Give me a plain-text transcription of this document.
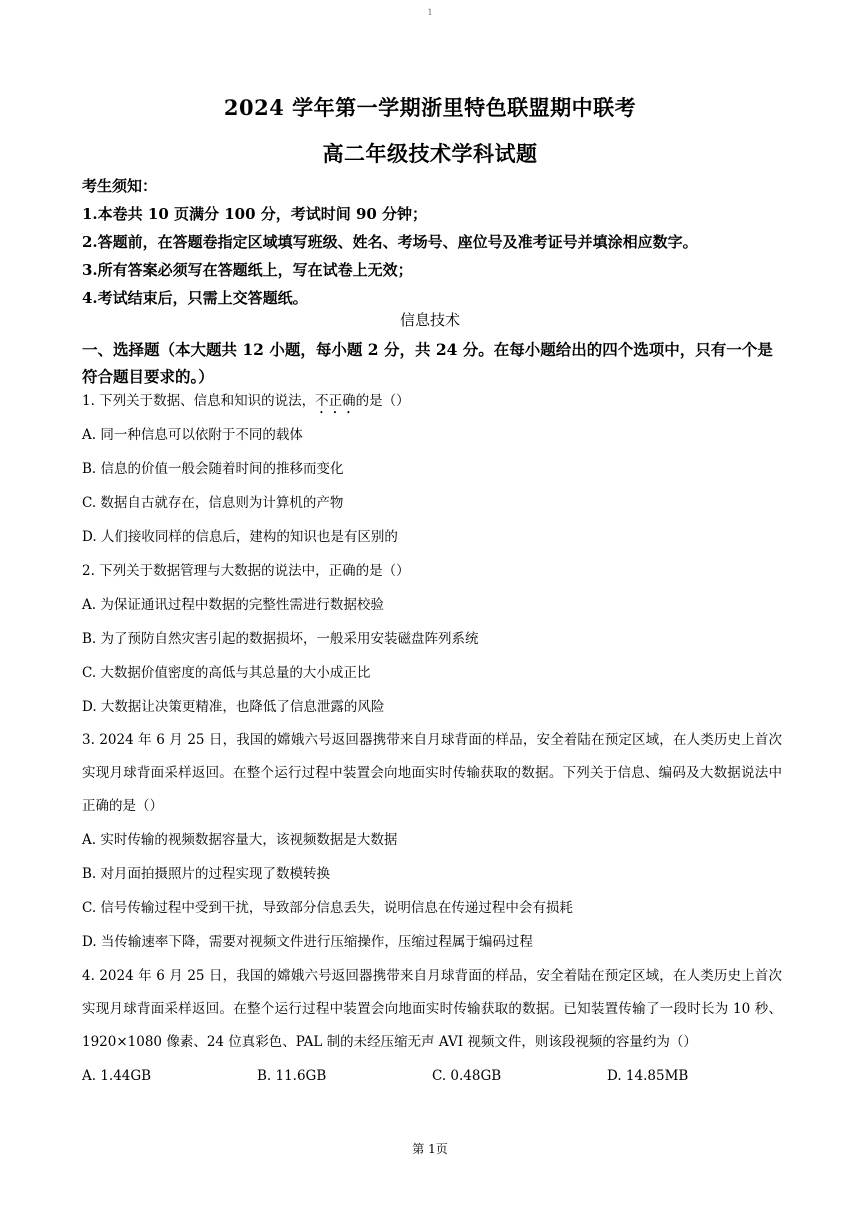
1
2024 学年第一学期浙里特色联盟期中联考
高二年级技术学科试题
考生须知：
1.本卷共 10 页满分 100 分，考试时间 90 分钟；
2.答题前，在答题卷指定区域填写班级、姓名、考场号、座位号及准考证号并填涂相应数字。
3.所有答案必须写在答题纸上，写在试卷上无效；
4.考试结束后，只需上交答题纸。
信息技术
一、选择题（本大题共 12 小题，每小题 2 分，共 24 分。在每小题给出的四个选项中，只有一个是符合题目要求的。）
1. 下列关于数据、信息和知识的说法，不正确的是（）
A. 同一种信息可以依附于不同的载体
B. 信息的价值一般会随着时间的推移而变化
C. 数据自古就存在，信息则为计算机的产物
D. 人们接收同样的信息后，建构的知识也是有区别的
2. 下列关于数据管理与大数据的说法中，正确的是（）
A. 为保证通讯过程中数据的完整性需进行数据校验
B. 为了预防自然灾害引起的数据损坏，一般采用安装磁盘阵列系统
C. 大数据价值密度的高低与其总量的大小成正比
D. 大数据让决策更精准，也降低了信息泄露的风险
3. 2024 年 6 月 25 日，我国的嫦娥六号返回器携带来自月球背面的样品，安全着陆在预定区域，在人类历史上首次实现月球背面采样返回。在整个运行过程中装置会向地面实时传输获取的数据。下列关于信息、编码及大数据说法中正确的是（）
A. 实时传输的视频数据容量大，该视频数据是大数据
B. 对月面拍摄照片的过程实现了数模转换
C. 信号传输过程中受到干扰，导致部分信息丢失，说明信息在传递过程中会有损耗
D. 当传输速率下降，需要对视频文件进行压缩操作，压缩过程属于编码过程
4. 2024 年 6 月 25 日，我国的嫦娥六号返回器携带来自月球背面的样品，安全着陆在预定区域，在人类历史上首次实现月球背面采样返回。在整个运行过程中装置会向地面实时传输获取的数据。已知装置传输了一段时长为 10 秒、1920×1080 像素、24 位真彩色、PAL 制的未经压缩无声 AVI 视频文件，则该段视频的容量约为（）
A. 1.44GB	B. 11.6GB	C. 0.48GB	D. 14.85MB
第 1页
